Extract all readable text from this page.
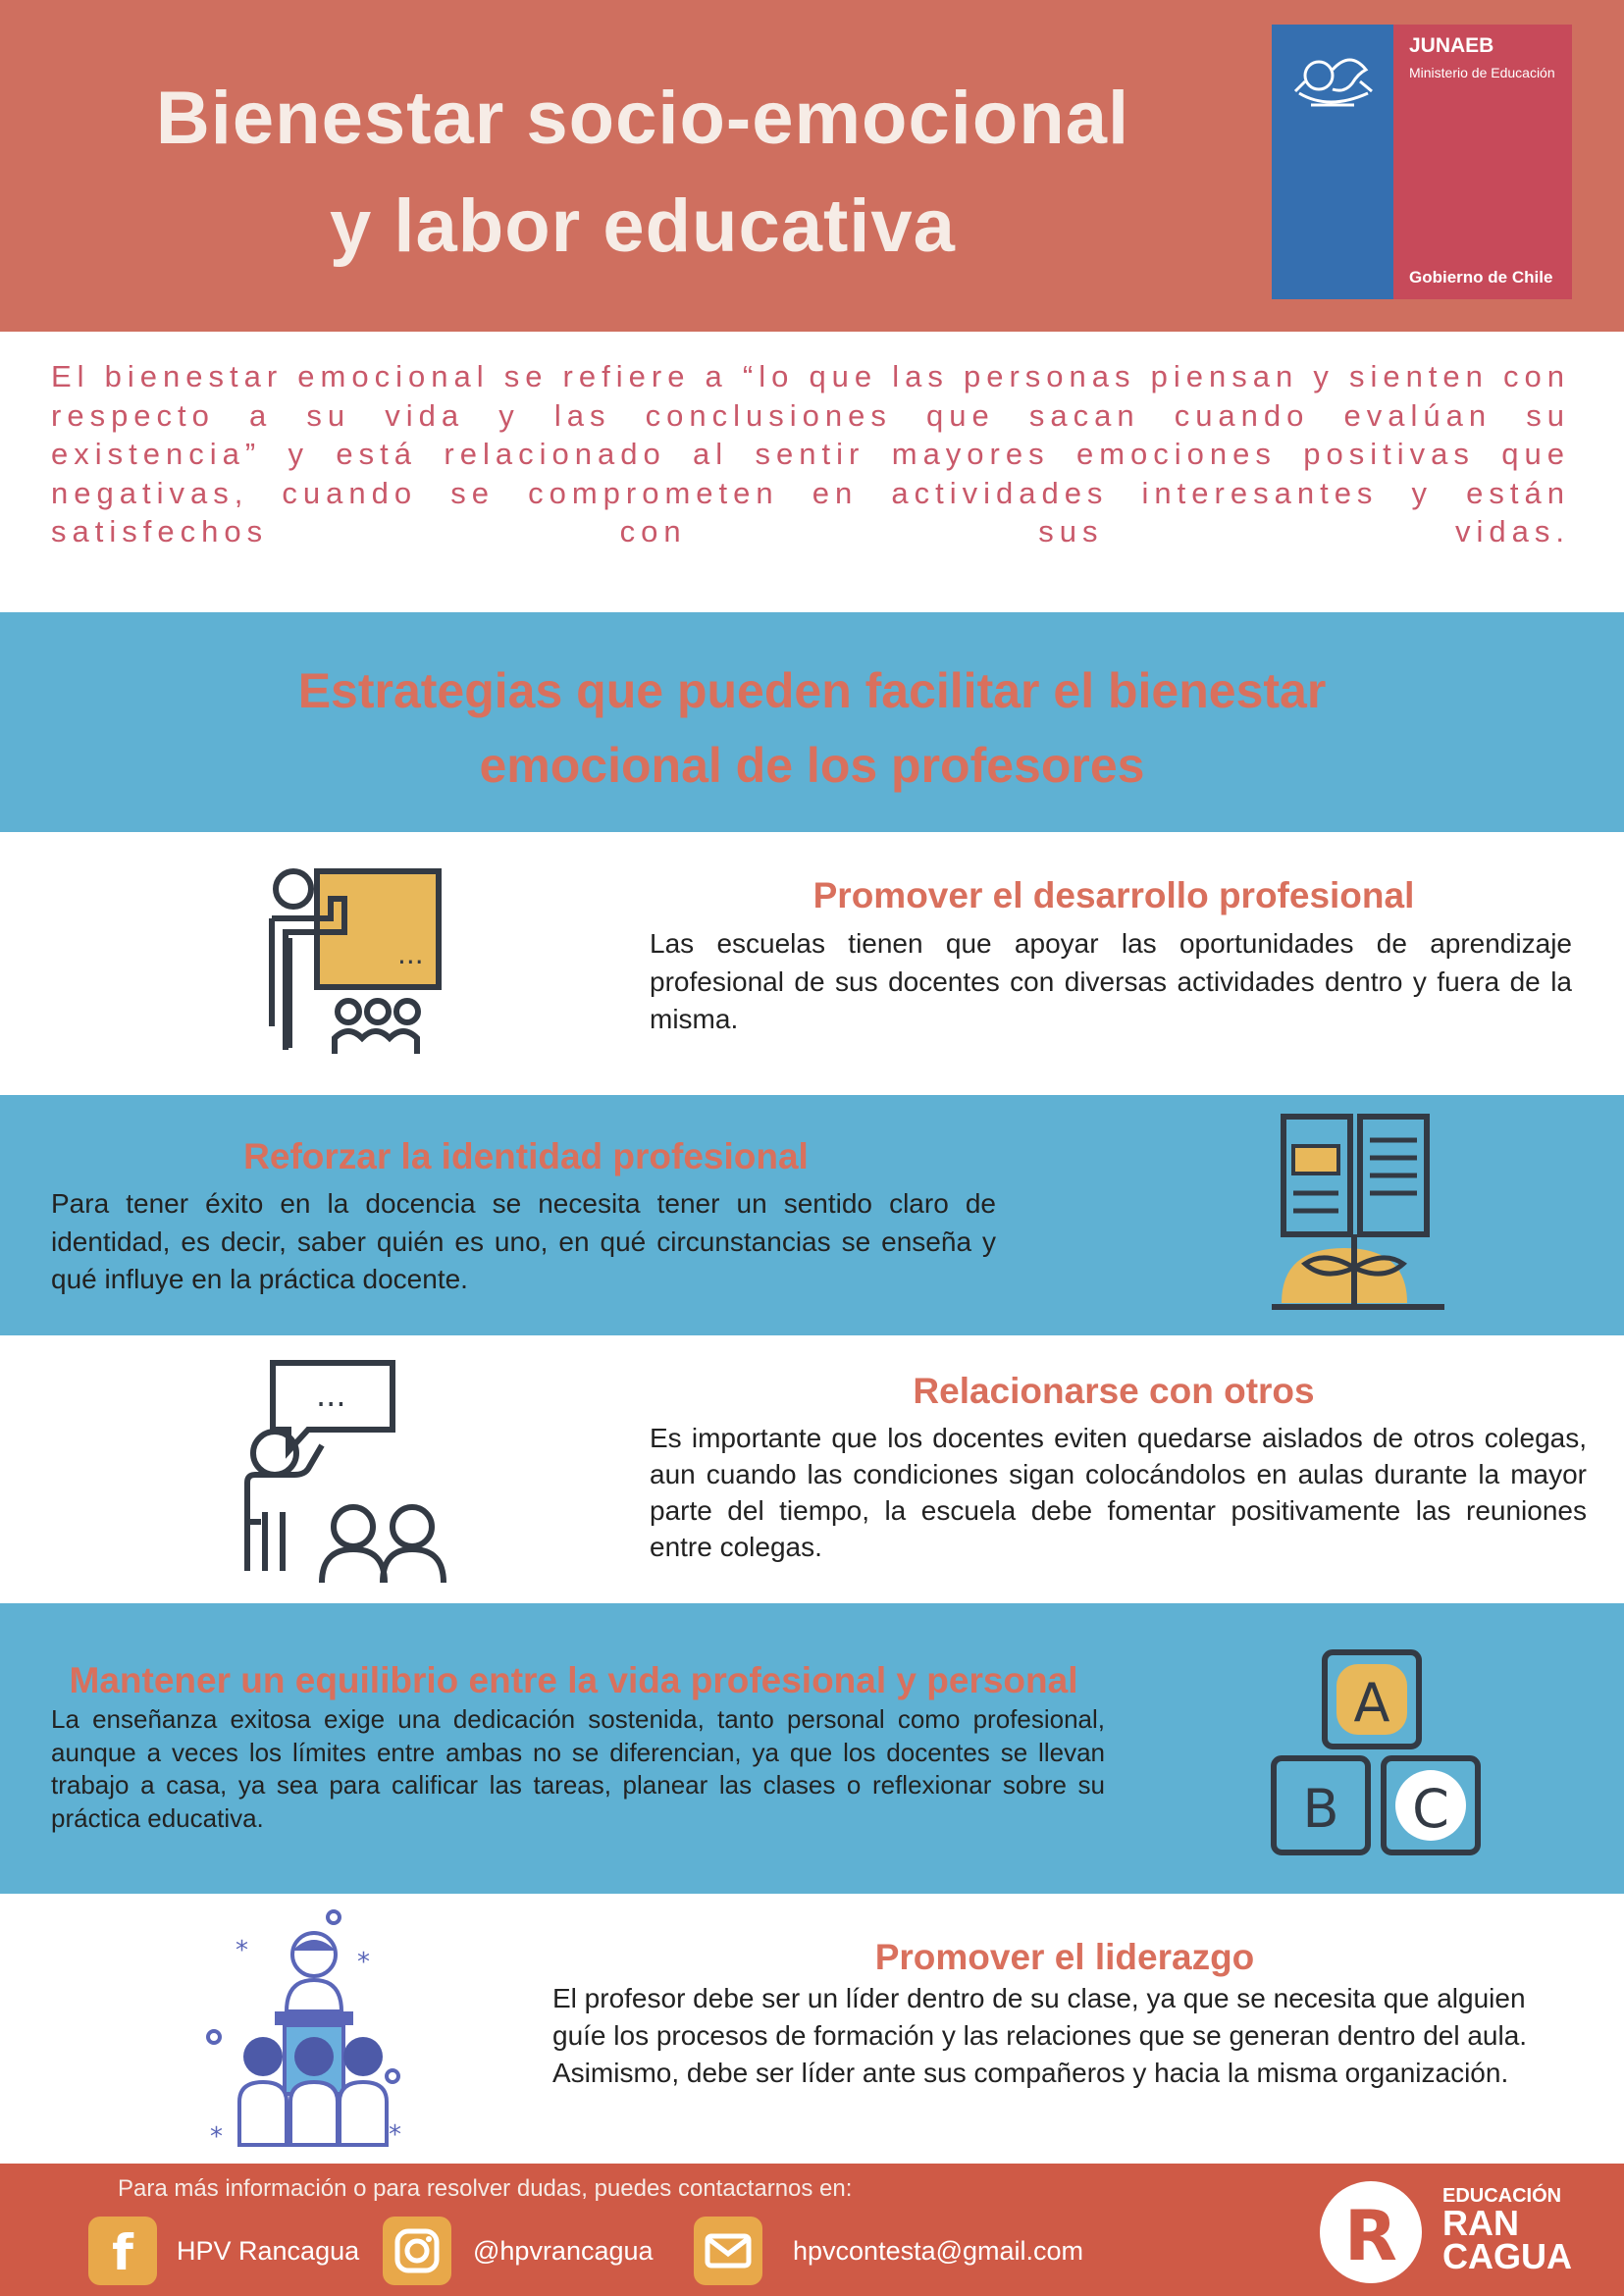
Bienestar socio-emocional
y labor educativa
JUNAEB
Ministerio de Educación
Gobierno de Chile

El bienestar emocional se refiere a “lo que las personas piensan y sienten con respecto a su vida y las conclusiones que sacan cuando evalúan su existencia” y está relacionado al sentir mayores emociones positivas que negativas, cuando se comprometen en actividades interesantes y están satisfechos con sus vidas.

Estrategias que pueden facilitar el bienestar
emocional de los profesores
...
Promover el desarrollo profesional

Las escuelas tienen que apoyar las oportunidades de aprendizaje profesional de sus docentes con diversas actividades dentro y fuera de la misma.

Reforzar la identidad profesional

Para tener éxito en la docencia se necesita tener un sentido claro de identidad, es decir, saber quién es uno, en qué circunstancias se enseña y qué influye en la práctica docente.

...	Relacionarse con otros

Es importante que los docentes eviten quedarse aislados de otros colegas, aun cuando las condiciones sigan colocándolos en aulas durante la mayor parte del tiempo, la escuela debe fomentar positivamente las reuniones entre colegas.

Mantener un equilibrio entre la vida profesional y personal

La enseñanza exitosa exige una dedicación sostenida, tanto personal como profesional, aunque a veces los límites entre ambas no se diferencian, ya que los docentes se llevan trabajo a casa, ya sea para calificar las tareas, planear las clases o reflexionar sobre su práctica educativa.

A
B C
*	*
*	*
Promover el liderazgo

El profesor debe ser un líder dentro de su clase, ya que se necesita que alguien guíe los procesos de formación y las relaciones que se generan dentro del aula. Asimismo, debe ser líder ante sus compañeros y hacia la misma organización.

Para más información o para resolver dudas, puedes contactarnos en:
f HPV Rancagua	@hpvrancagua	hpvcontesta@gmail.com	R EDUCACIÓN
RAN
CAGUA
